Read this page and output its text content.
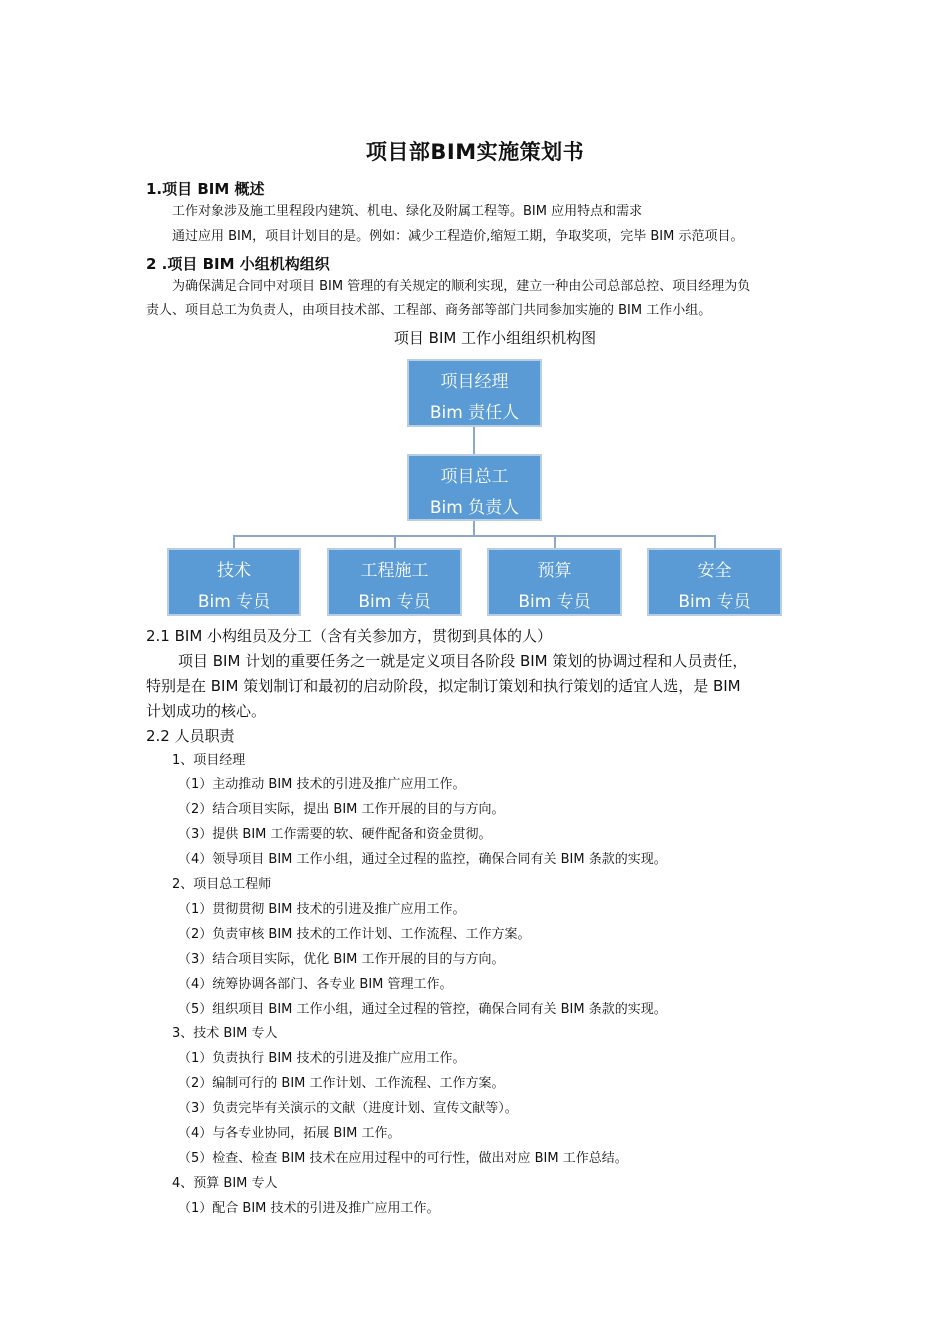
项目部BIM实施策划书
1.项目 BIM 概述
工作对象涉及施工里程段内建筑、机电、绿化及附属工程等。BIM 应用特点和需求
通过应用 BIM，项目计划目的是。例如：减少工程造价,缩短工期，争取奖项，完毕 BIM 示范项目。
2 .项目 BIM 小组机构组织
为确保满足合同中对项目 BIM 管理的有关规定的顺利实现，建立一种由公司总部总控、项目经理为负
责人、项目总工为负责人，由项目技术部、工程部、商务部等部门共同参加实施的 BIM 工作小组。
项目 BIM 工作小组组织机构图
项目经理
Bim 责任人
项目总工
Bim 负责人
技术
Bim 专员
工程施工
Bim 专员
预算
Bim 专员
安全
Bim 专员
2.1 BIM 小构组员及分工（含有关参加方，贯彻到具体的人）
项目 BIM 计划的重要任务之一就是定义项目各阶段 BIM 策划的协调过程和人员责任，
特别是在 BIM 策划制订和最初的启动阶段，拟定制订策划和执行策划的适宜人选，是 BIM
计划成功的核心。
2.2 人员职责
1、项目经理
（1）主动推动 BIM 技术的引进及推广应用工作。
（2）结合项目实际，提出 BIM 工作开展的目的与方向。
（3）提供 BIM 工作需要的软、硬件配备和资金贯彻。
（4）领导项目 BIM 工作小组，通过全过程的监控，确保合同有关 BIM 条款的实现。
2、项目总工程师
（1）贯彻贯彻 BIM 技术的引进及推广应用工作。
（2）负责审核 BIM 技术的工作计划、工作流程、工作方案。
（3）结合项目实际，优化 BIM 工作开展的目的与方向。
（4）统筹协调各部门、各专业 BIM 管理工作。
（5）组织项目 BIM 工作小组，通过全过程的管控，确保合同有关 BIM 条款的实现。
3、技术 BIM 专人
（1）负责执行 BIM 技术的引进及推广应用工作。
（2）编制可行的 BIM 工作计划、工作流程、工作方案。
（3）负责完毕有关演示的文献（进度计划、宣传文献等）。
（4）与各专业协同，拓展 BIM 工作。
（5）检查、检查 BIM 技术在应用过程中的可行性，做出对应 BIM 工作总结。
4、预算 BIM 专人
（1）配合 BIM 技术的引进及推广应用工作。
